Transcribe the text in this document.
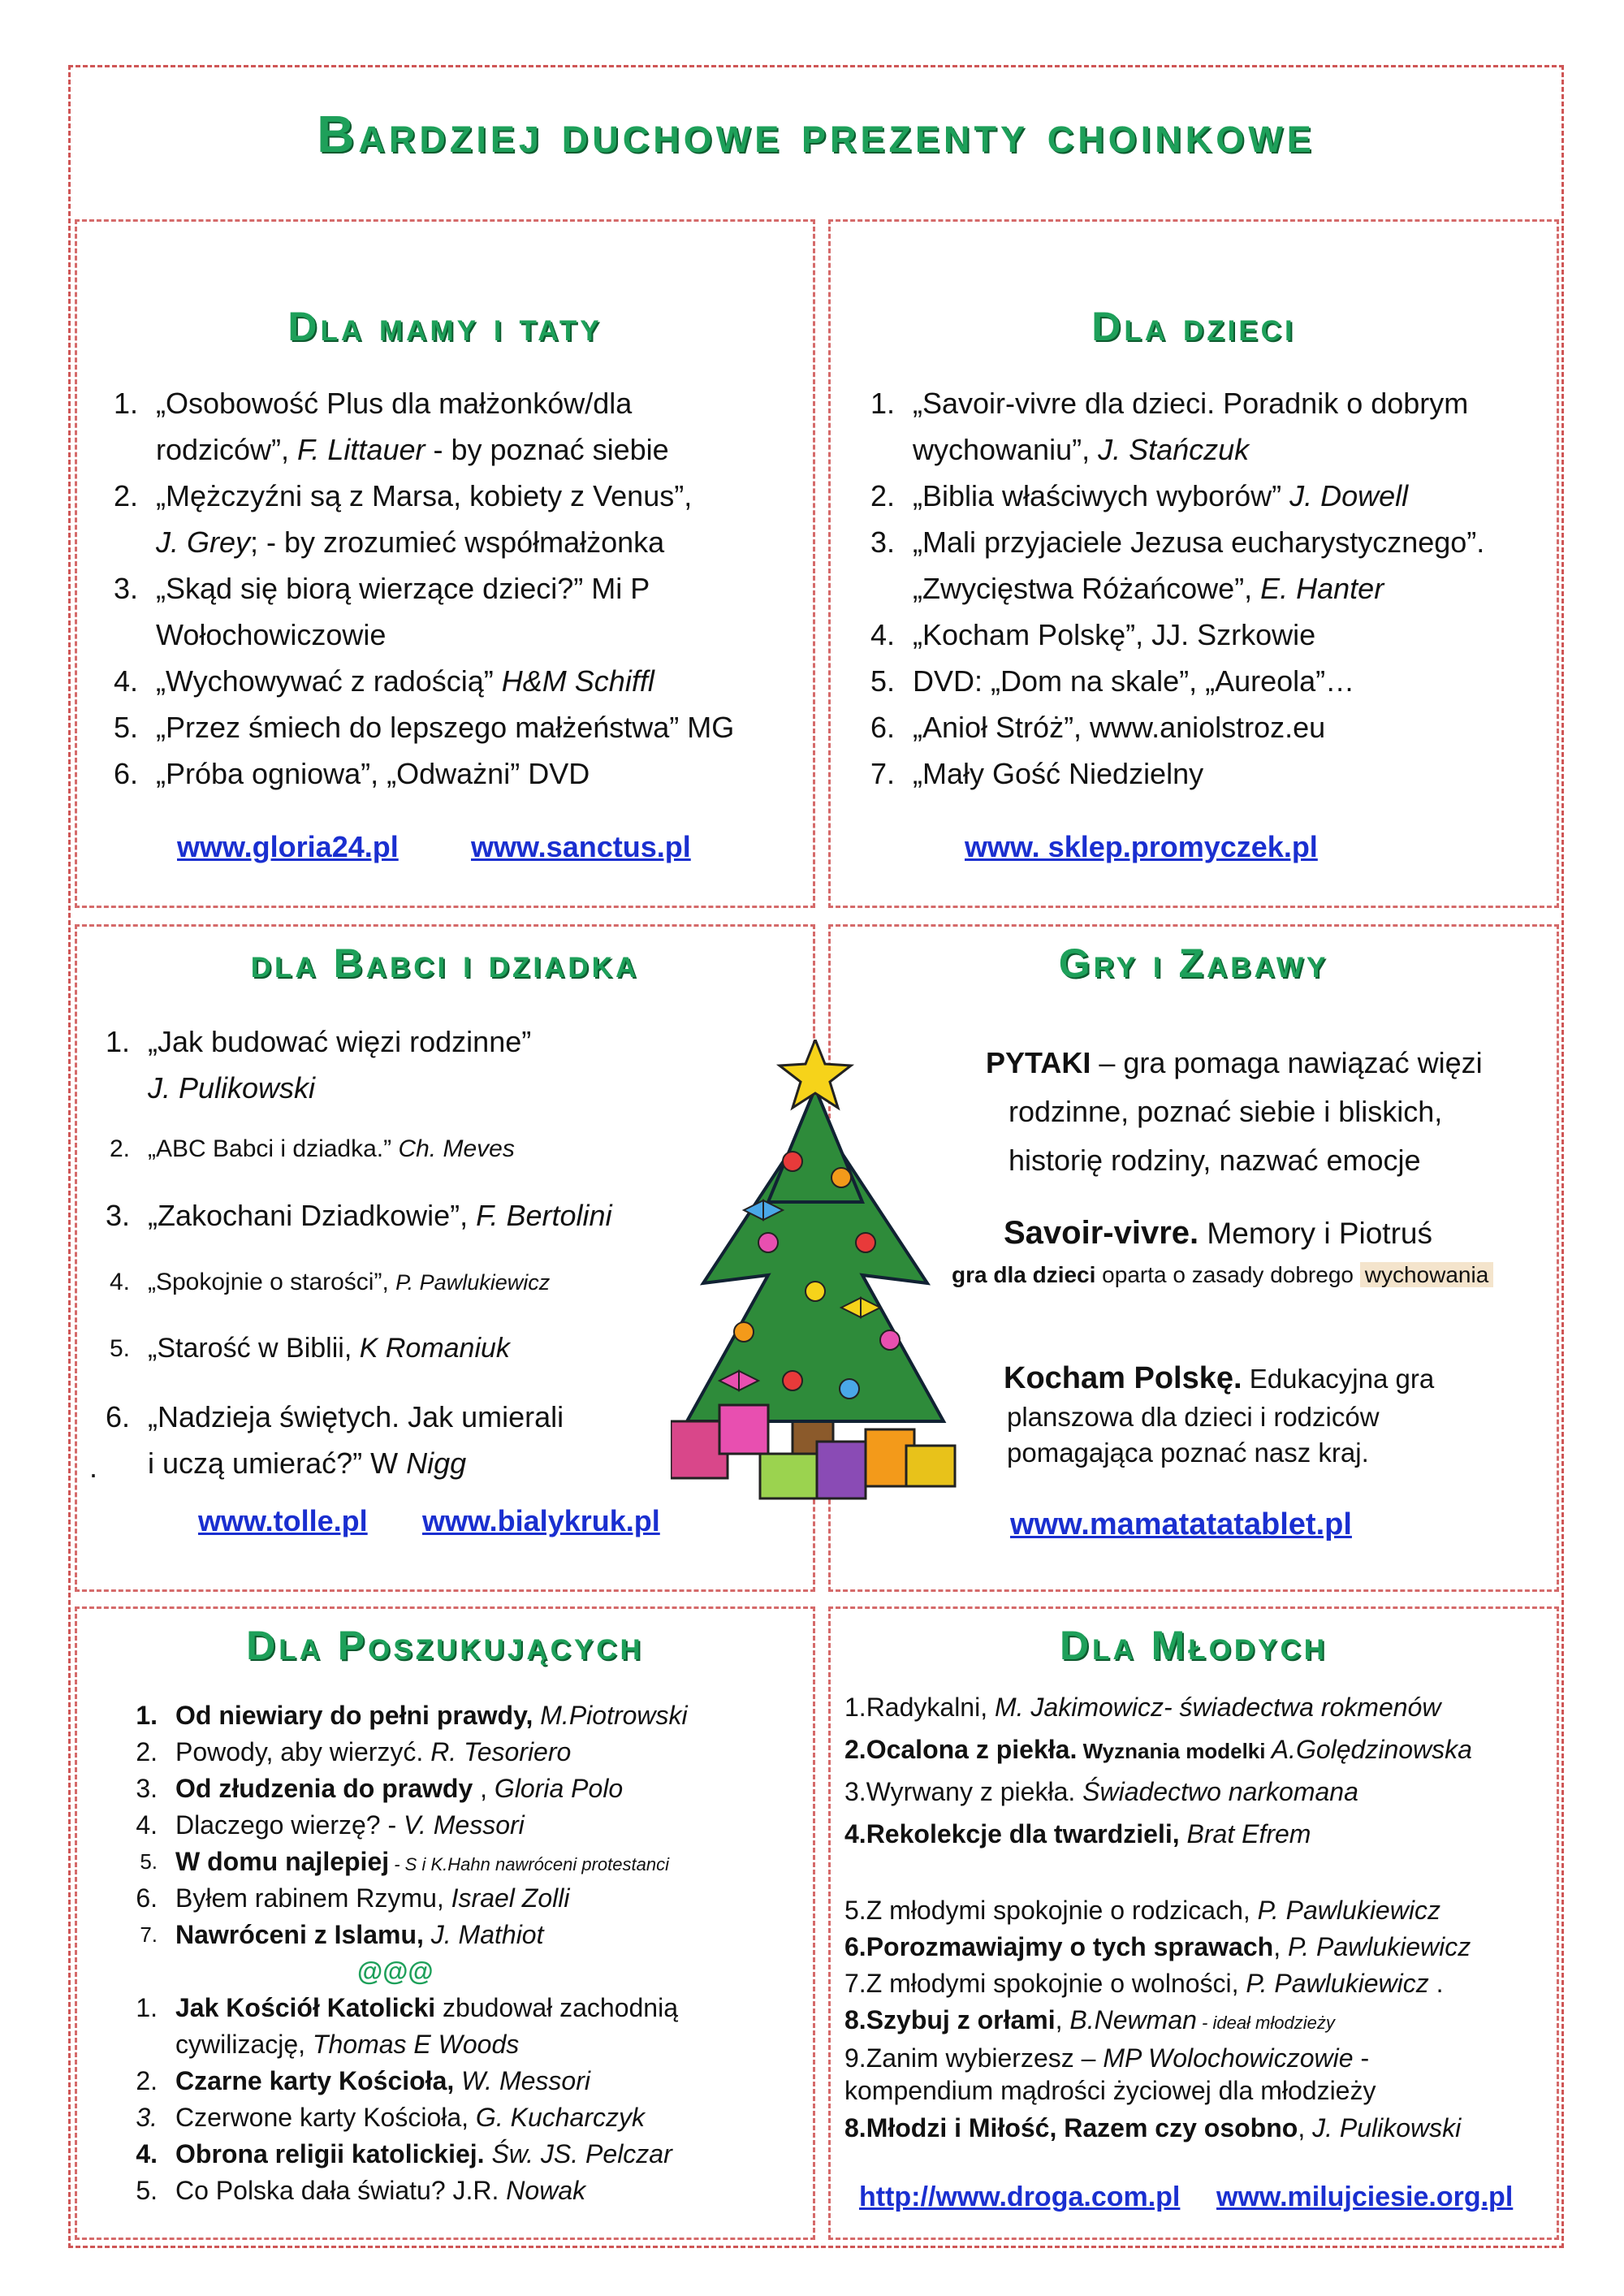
Bardziej duchowe prezenty choinkowe
Dla mamy i taty
1. „Osobowość Plus dla małżonków/dla
rodziców”, F. Littauer - by poznać siebie
2. „Mężczyźni są z Marsa, kobiety z Venus”,
J. Grey; - by zrozumieć współmałżonka
3. „Skąd się biorą wierzące dzieci?” Mi P
Wołochowiczowie
4. „Wychowywać z radością” H&M Schiffl
5. „Przez śmiech do lepszego małżeństwa” MG
6. „Próba ogniowa”, „Odważni” DVD
www.gloria24.pl www.sanctus.pl
Dla dzieci
1. „Savoir-vivre dla dzieci. Poradnik o dobrym
wychowaniu”, J. Stańczuk
2. „Biblia właściwych wyborów” J. Dowell
3. „Mali przyjaciele Jezusa eucharystycznego”.
„Zwycięstwa Różańcowe”, E. Hanter
4. „Kocham Polskę”, JJ. Szrkowie
5. DVD: „Dom na skale”, „Aureola”…
6. „Anioł Stróż”, www.aniolstroz.eu
7. „Mały Gość Niedzielny
www. sklep.promyczek.pl
dla Babci i dziadka
1. „Jak budować więzi rodzinne”
J. Pulikowski
2. „ABC Babci i dziadka.” Ch. Meves
3. „Zakochani Dziadkowie”, F. Bertolini
4. „Spokojnie o starości”, P. Pawlukiewicz
5. „Starość w Biblii, K Romaniuk
6. „Nadzieja świętych. Jak umierali
i uczą umierać?” W Nigg
.
www.tolle.pl www.bialykruk.pl
Gry i Zabawy
PYTAKI – gra pomaga nawiązać więzi
rodzinne, poznać siebie i bliskich,
historię rodziny, nazwać emocje
Savoir-vivre. Memory i Piotruś
gra dla dzieci oparta o zasady dobrego wychowania
Kocham Polskę. Edukacyjna gra
planszowa dla dzieci i rodziców
pomagająca poznać nasz kraj.
www.mamatatatablet.pl
Dla Poszukujących
1. Od niewiary do pełni prawdy, M.Piotrowski
2. Powody, aby wierzyć. R. Tesoriero
3. Od złudzenia do prawdy , Gloria Polo
4. Dlaczego wierzę? - V. Messori
5. W domu najlepiej - S i K.Hahn nawróceni protestanci
6. Byłem rabinem Rzymu, Israel Zolli
7. Nawróceni z Islamu, J. Mathiot
@@@
1. Jak Kościół Katolicki zbudował zachodnią
cywilizację, Thomas E Woods
2. Czarne karty Kościoła, W. Messori
3. Czerwone karty Kościoła, G. Kucharczyk
4. Obrona religii katolickiej. Św. JS. Pelczar
5. Co Polska dała światu? J.R. Nowak
Dla Młodych
1.Radykalni, M. Jakimowicz- świadectwa rokmenów
2.Ocalona z piekła. Wyznania modelki A.Golędzinowska
3.Wyrwany z piekła. Świadectwo narkomana
4.Rekolekcje dla twardzieli, Brat Efrem
5.Z młodymi spokojnie o rodzicach, P. Pawlukiewicz
6.Porozmawiajmy o tych sprawach, P. Pawlukiewicz
7.Z młodymi spokojnie o wolności, P. Pawlukiewicz .
8.Szybuj z orłami, B.Newman - ideał młodzieży
9.Zanim wybierzesz – MP Wolochowiczowie -
kompendium mądrości życiowej dla młodzieży
8.Młodzi i Miłość, Razem czy osobno, J. Pulikowski
http://www.droga.com.pl www.milujciesie.org.pl
